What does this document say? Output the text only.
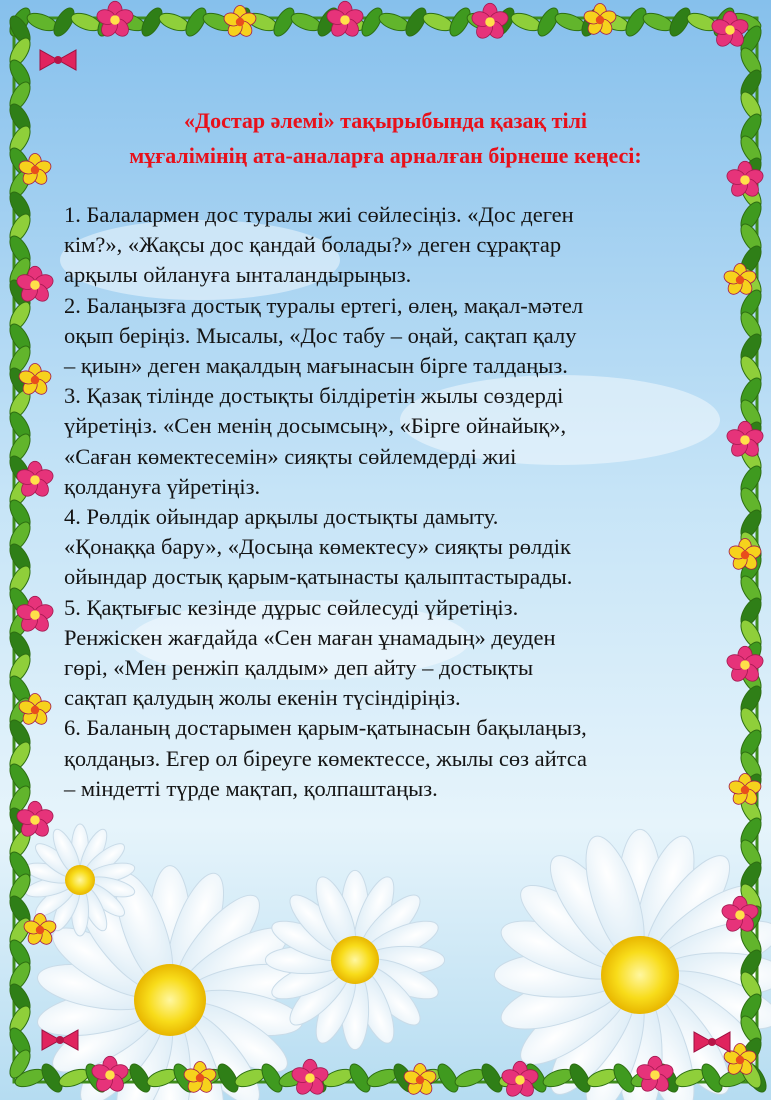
«Достар әлемі» тақырыбында қазақ тілі
мұғалімінің ата-аналарға арналған бірнеше кеңесі:
1. Балалармен дос туралы жиі сөйлесіңіз. «Дос деген
кім?», «Жақсы дос қандай болады?» деген сұрақтар
арқылы ойлануға ынталандырыңыз.
2. Балаңызға достық туралы ертегі, өлең, мақал-мәтел
оқып беріңіз. Мысалы, «Дос табу – оңай, сақтап қалу
– қиын» деген мақалдың мағынасын бірге талдаңыз.
3. Қазақ тілінде достықты білдіретін жылы сөздерді
үйретіңіз. «Сен менің досымсың», «Бірге ойнайық»,
«Саған көмектесемін» сияқты сөйлемдерді жиі
қолдануға үйретіңіз.
4. Рөлдік ойындар арқылы достықты дамыту.
«Қонаққа бару», «Досыңа көмектесу» сияқты рөлдік
ойындар достық қарым-қатынасты қалыптастырады.
5. Қақтығыс кезінде дұрыс сөйлесуді үйретіңіз.
Ренжіскен жағдайда «Сен маған ұнамадың» деуден
гөрі, «Мен ренжіп қалдым» деп айту – достықты
сақтап қалудың жолы екенін түсіндіріңіз.
6. Баланың достарымен қарым-қатынасын бақылаңыз,
қолдаңыз. Егер ол біреуге көмектессе, жылы сөз айтса
– міндетті түрде мақтап, қолпаштаңыз.
